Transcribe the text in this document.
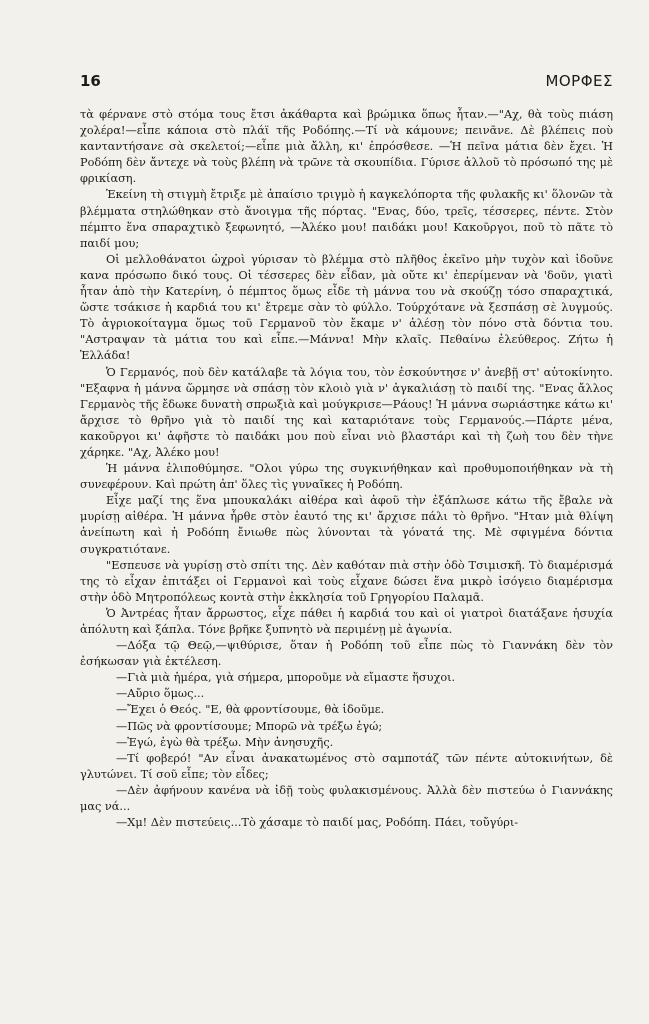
16	ΜΟΡΦΕΣ

τὰ φέρνανε στὸ στόμα τους ἔτσι ἀκάθαρτα καὶ βρώμικα ὅπως ἦταν.—"Αχ, θὰ τοὺς πιάση χολέρα!—εἶπε κάποια στὸ πλάϊ τῆς Ροδόπης.—Τί νὰ κάμουνε; πεινᾶνε. Δὲ βλέπεις ποὺ κανταντήσανε σὰ σκελετοί;—εἶπε μιὰ ἄλλη, κι' ἐπρόσθεσε. —Ἡ πεῖνα μάτια δὲν ἔχει. Ἡ Ροδόπη δὲν ἄντεχε νὰ τοὺς βλέπη νὰ τρῶνε τὰ σκουπίδια. Γύρισε ἀλλοῦ τὸ πρόσωπό της μὲ φρικίαση.

Ἐκείνη τὴ στιγμὴ ἔτριξε μὲ ἀπαίσιο τριγμὸ ἡ καγκελόπορτα τῆς φυλακῆς κι' ὅλονῶν τὰ βλέμματα στηλώθηκαν στὸ ἄνοιγμα τῆς πόρτας. "Ενας, δύο, τρεῖς, τέσσερες, πέντε. Στὸν πέμπτο ἕνα σπαραχτικὸ ξεφωνητό, —Ἀλέκο μου! παιδάκι μου! Κακοῦργοι, ποῦ τὸ πᾶτε τὸ παιδί μου;

Οἱ μελλοθάνατοι ὠχροὶ γύρισαν τὸ βλέμμα στὸ πλῆθος ἐκεῖνο μὴν τυχὸν καὶ ἰδοῦνε κανα πρόσωπο δικό τους. Οἱ τέσσερες δὲν εἶδαν, μὰ οὔτε κι' ἐπερίμεναν νὰ 'δοῦν, γιατὶ ἦταν ἀπὸ τὴν Κατερίνη, ὁ πέμπτος ὅμως εἶδε τὴ μάννα του νὰ σκούζῃ τόσο σπαραχτικά, ὥστε τσάκισε ἡ καρδιά του κι' ἔτρεμε σὰν τὸ φύλλο. Τούρχότανε νὰ ξεσπάσῃ σὲ λυγμούς. Τὸ ἀγριοκοίταγμα ὅμως τοῦ Γερμανοῦ τὸν ἔκαμε ν' ἀλέσῃ τὸν πόνο στὰ δόντια του. "Αστραψαν τὰ μάτια του καὶ εἶπε.—Μάννα! Μὴν κλαῖς. Πεθαίνω ἐλεύθερος. Ζήτω ἡ Ἑλλάδα!

Ὁ Γερμανός, ποὺ δὲν κατάλαβε τὰ λόγια του, τὸν ἐσκούντησε ν' ἀνεβῇ στ' αὐτοκίνητο. "Εξαφνα ἡ μάννα ὥρμησε νὰ σπάσῃ τὸν κλοιὸ γιὰ ν' ἀγκαλιάσῃ τὸ παιδί της. "Ενας ἄλλος Γερμανὸς τῆς ἔδωκε δυνατὴ σπρωξιὰ καὶ μούγκρισε—Ράους! Ἡ μάννα σωριάστηκε κάτω κι' ἄρχισε τὸ θρῆνο γιὰ τὸ παιδί της καὶ καταριότανε τοὺς Γερμανούς.—Πάρτε μένα, κακοῦργοι κι' ἀφῆστε τὸ παιδάκι μου ποὺ εἶναι νιὸ βλαστάρι καὶ τὴ ζωὴ του δὲν τὴνε χάρηκε. "Αχ, Ἀλέκο μου!

Ἡ μάννα ἐλιποθύμησε. "Ολοι γύρω της συγκινήθηκαν καὶ προθυμοποιήθηκαν νὰ τὴ συνεφέρουν. Καὶ πρώτη ἀπ' ὅλες τὶς γυναῖκες ἡ Ροδόπη.

Εἶχε μαζί της ἕνα μπουκαλάκι αἰθέρα καὶ ἀφοῦ τὴν ἐξάπλωσε κάτω τῆς ἔβαλε νὰ μυρίσῃ αἰθέρα. Ἡ μάννα ἦρθε στὸν ἑαυτό της κι' ἄρχισε πάλι τὸ θρῆνο. "Ηταν μιὰ θλίψη ἀνείπωτη καὶ ἡ Ροδόπη ἔνιωθε πὼς λύνονται τὰ γόνατά της. Μὲ σφιγμένα δόντια συγκρατιότανε.

"Εσπευσε νὰ γυρίσῃ στὸ σπίτι της. Δὲν καθόταν πιὰ στὴν ὁδὸ Τσιμισκῆ. Τὸ διαμέρισμά της τὸ εἶχαν ἐπιτάξει οἱ Γερμανοὶ καὶ τοὺς εἶχανε δώσει ἕνα μικρὸ ἰσόγειο διαμέρισμα στὴν ὁδὸ Μητροπόλεως κοντὰ στὴν ἐκκλησία τοῦ Γρηγορίου Παλαμᾶ.

Ὁ Ἀντρέας ἦταν ἄρρωστος, εἶχε πάθει ἡ καρδιά του καὶ οἱ γιατροὶ διατάξανε ἡσυχία ἀπόλυτη καὶ ξάπλα. Τόνε βρῆκε ξυπνητὸ νὰ περιμένῃ μὲ ἀγωνία.

—Δόξα τῷ Θεῷ,—ψιθύρισε, ὅταν ἡ Ροδόπη τοῦ εἶπε πὼς τὸ Γιαννάκη δὲν τὸν ἐσήκωσαν γιὰ ἐκτέλεση.

—Γιὰ μιὰ ἡμέρα, γιὰ σήμερα, μποροῦμε νὰ εἴμαστε ἥσυχοι.

—Αὔριο ὅμως...

—Ἔχει ὁ Θεός. "Ε, θὰ φροντίσουμε, θὰ ἰδοῦμε.

—Πῶς νὰ φροντίσουμε; Μπορῶ νὰ τρέξω ἐγώ;

—Ἐγώ, ἐγὼ θὰ τρέξω. Μὴν ἀνησυχῆς.

—Τί φοβερό! "Αν εἶναι ἀνακατωμένος στὸ σαμποτάζ τῶν πέντε αὐτοκινήτων, δὲ γλυτώνει. Τί σοῦ εἶπε; τὸν εἶδες;

—Δὲν ἀφήνουν κανένα νὰ ἰδῇ τοὺς φυλακισμένους. Ἀλλὰ δὲν πιστεύω ὁ Γιαννάκης μας νά...

—Χμ! Δὲν πιστεύεις...Τὸ χάσαμε τὸ παιδί μας, Ροδόπη. Πάει, τοὔγύρι-
